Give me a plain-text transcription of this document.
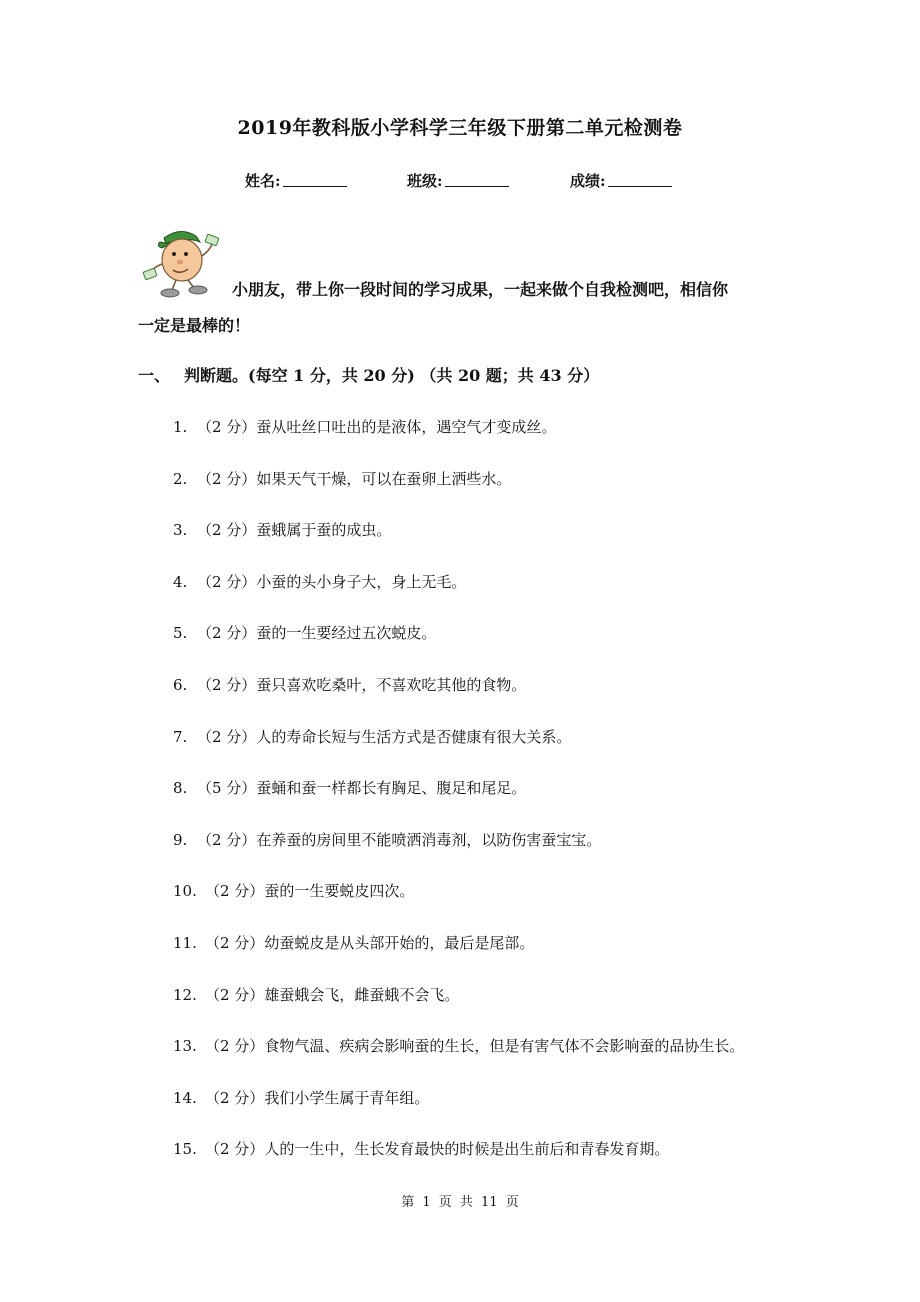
2019年教科版小学科学三年级下册第二单元检测卷
姓名:	班级:	成绩:
小朋友，带上你一段时间的学习成果，一起来做个自我检测吧，相信你
一定是最棒的！
一、 判断题。(每空 1 分，共 20 分) （共 20 题；共 43 分）
1. （2 分）蚕从吐丝口吐出的是液体，遇空气才变成丝。
2. （2 分）如果天气干燥，可以在蚕卵上洒些水。
3. （2 分）蚕蛾属于蚕的成虫。
4. （2 分）小蚕的头小身子大，身上无毛。
5. （2 分）蚕的一生要经过五次蜕皮。
6. （2 分）蚕只喜欢吃桑叶，不喜欢吃其他的食物。
7. （2 分）人的寿命长短与生活方式是否健康有很大关系。
8. （5 分）蚕蛹和蚕一样都长有胸足、腹足和尾足。
9. （2 分）在养蚕的房间里不能喷洒消毒剂，以防伤害蚕宝宝。
10. （2 分）蚕的一生要蜕皮四次。
11. （2 分）幼蚕蜕皮是从头部开始的，最后是尾部。
12. （2 分）雄蚕蛾会飞，雌蚕蛾不会飞。
13. （2 分）食物气温、疾病会影响蚕的生长，但是有害气体不会影响蚕的品协生长。
14. （2 分）我们小学生属于青年组。
15. （2 分）人的一生中，生长发育最快的时候是出生前后和青春发育期。
第 1 页 共 11 页
